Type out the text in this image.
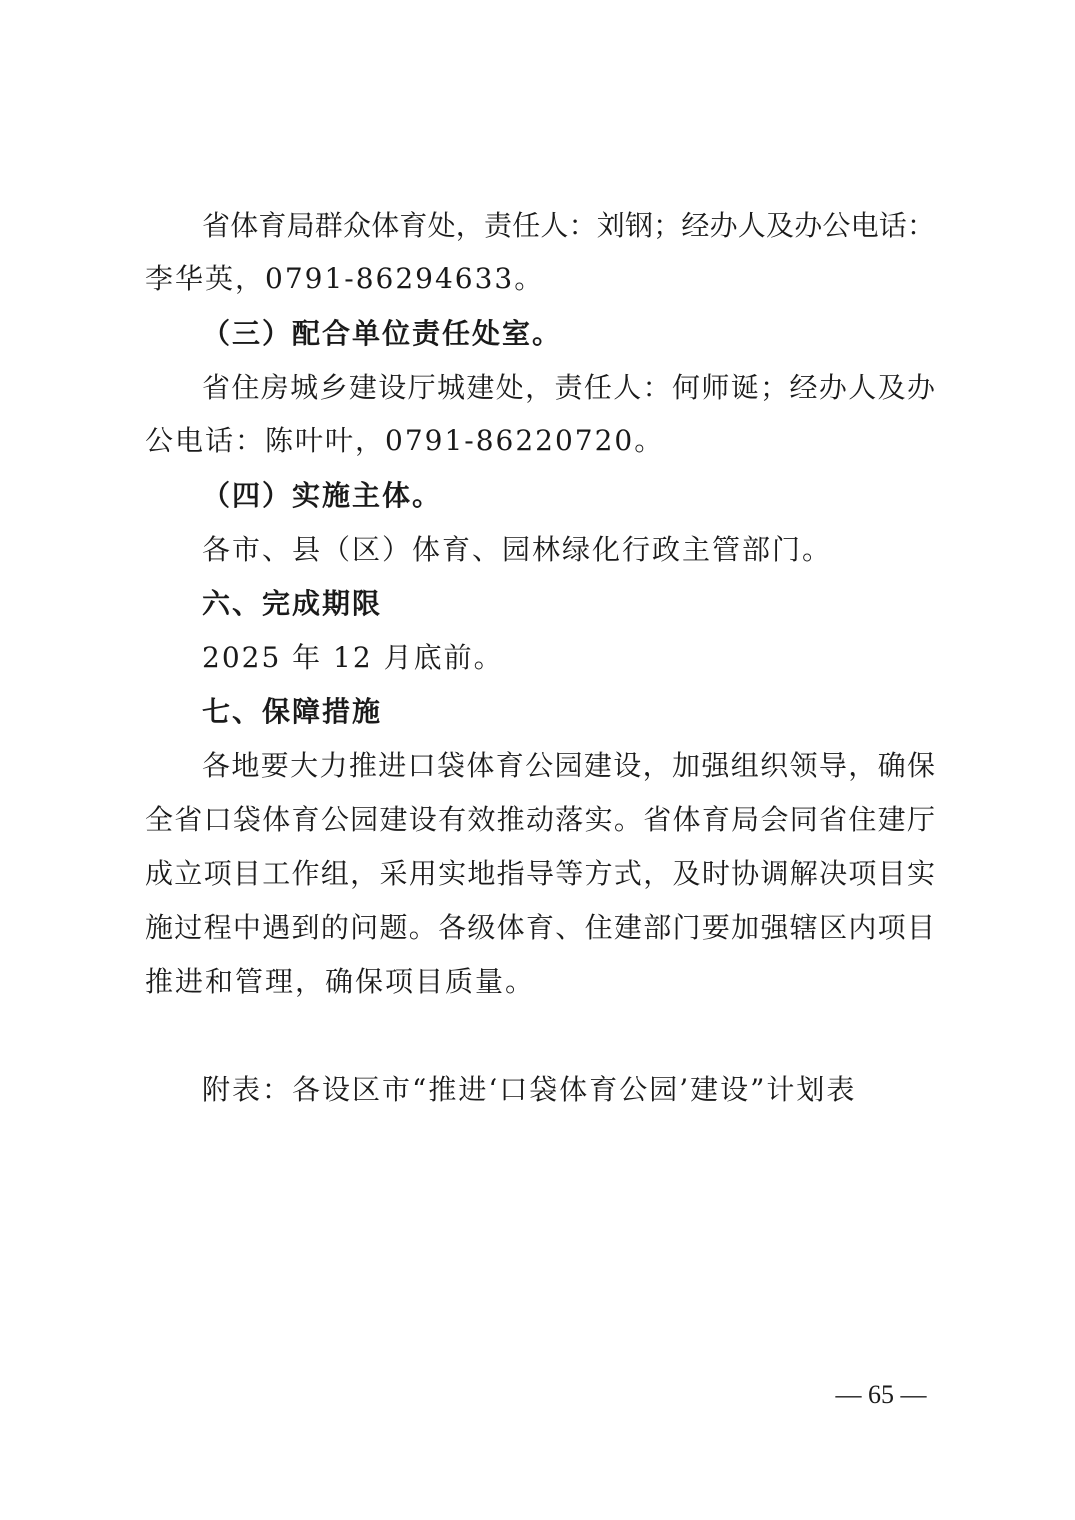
省体育局群众体育处，责任人：刘钢；经办人及办公电话：
李华英，0791-86294633。
（三）配合单位责任处室。
省住房城乡建设厅城建处，责任人：何师诞；经办人及办
公电话：陈叶叶，0791-86220720。
（四）实施主体。
各市、县（区）体育、园林绿化行政主管部门。
六、完成期限
2025 年 12 月底前。
七、保障措施
各地要大力推进口袋体育公园建设，加强组织领导，确保
全省口袋体育公园建设有效推动落实。省体育局会同省住建厅
成立项目工作组，采用实地指导等方式，及时协调解决项目实
施过程中遇到的问题。各级体育、住建部门要加强辖区内项目
推进和管理，确保项目质量。
附表：各设区市“推进‘口袋体育公园’建设”计划表
— 65 —
